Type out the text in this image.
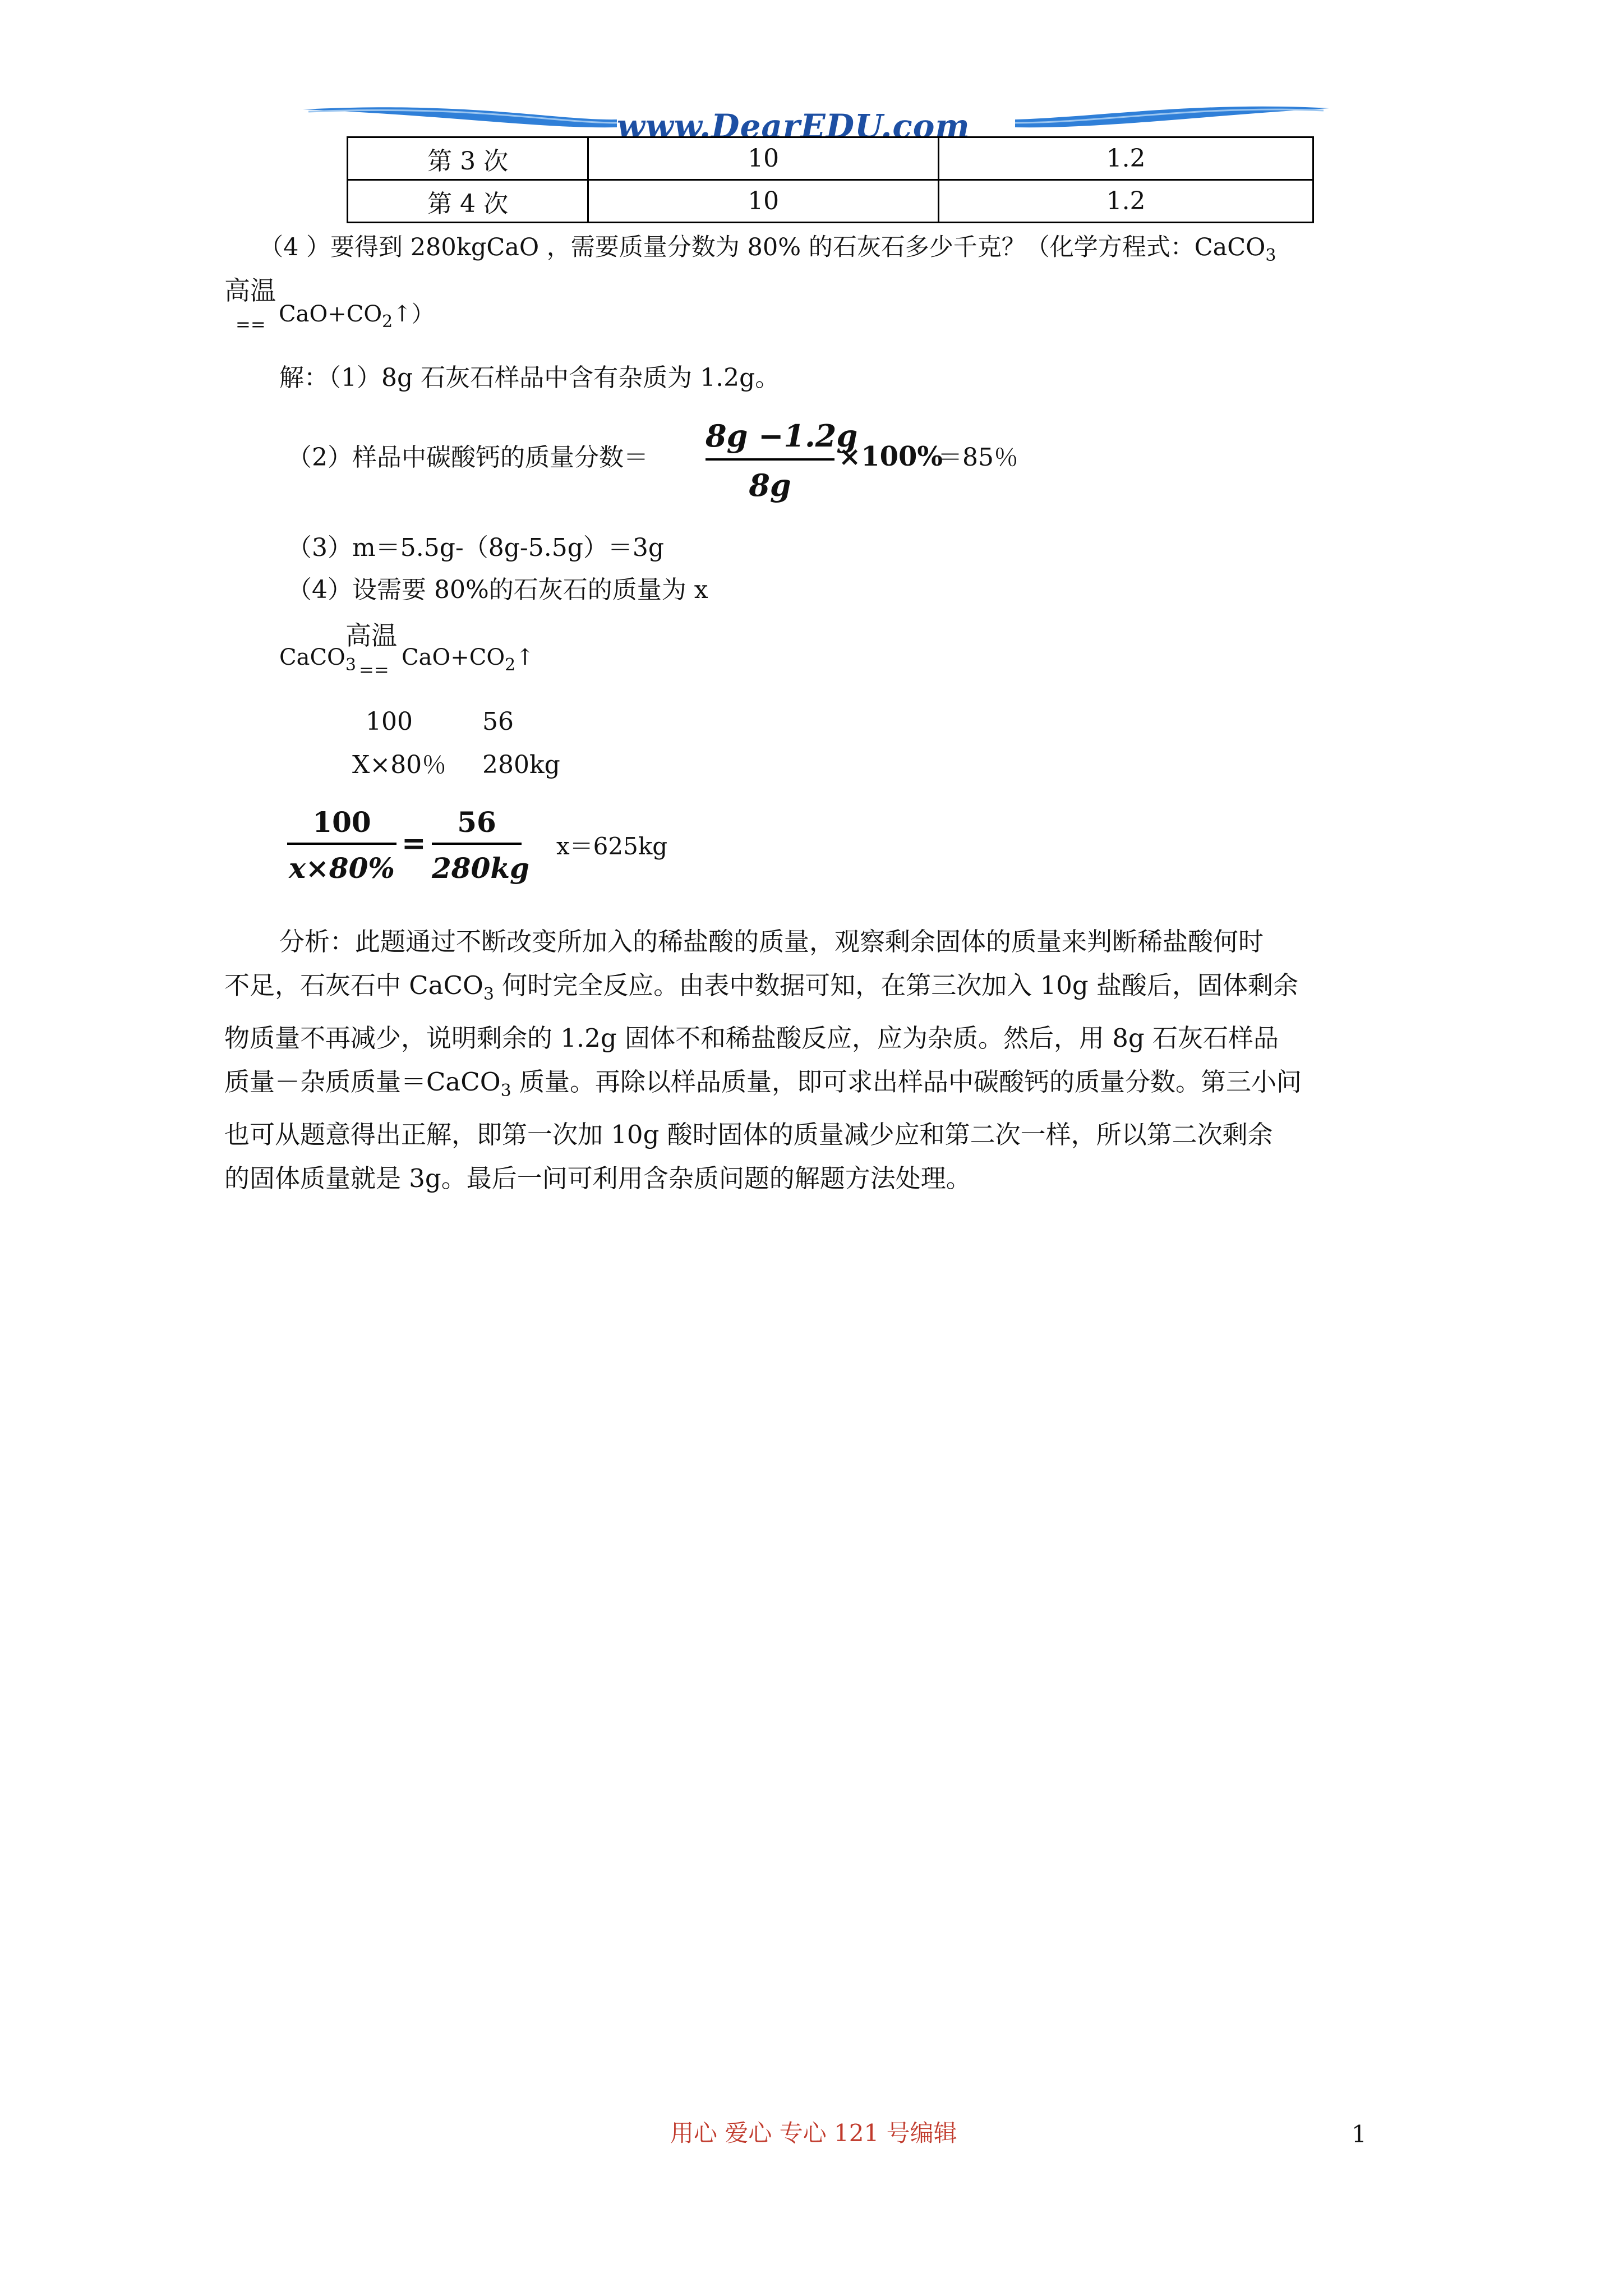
www.DearEDU.com
第 3 次	10	1.2
第 4 次	10	1.2
（4 ）要得到 280kgCaO ，需要质量分数为 80% 的石灰石多少千克？（化学方程式：CaCO$_3$
高温
== $CaO+CO_2↑$）
解：（1）8g 石灰石样品中含有杂质为 1.2g。
（2）样品中碳酸钙的质量分数＝
8g −1.2g
8g
×100%
＝85％
（3）m＝5.5g-（8g-5.5g）＝3g
（4）设需要 80%的石灰石的质量为 x
高温
==
CaCO$_3$ $CaO+CO_2↑$
100	56
X×80％ 280kg
100
x×80%
=
56
280kg
x＝625kg
分析：此题通过不断改变所加入的稀盐酸的质量，观察剩余固体的质量来判断稀盐酸何时
不足，石灰石中 CaCO$_3$ 何时完全反应。由表中数据可知，在第三次加入 10g 盐酸后，固体剩余
物质量不再减少，说明剩余的 1.2g 固体不和稀盐酸反应，应为杂质。然后，用 8g 石灰石样品
质量－杂质质量＝CaCO$_3$ 质量。再除以样品质量，即可求出样品中碳酸钙的质量分数。第三小问
也可从题意得出正解，即第一次加 10g 酸时固体的质量减少应和第二次一样，所以第二次剩余
的固体质量就是 3g。最后一问可利用含杂质问题的解题方法处理。
用心 爱心 专心 121 号编辑	1
